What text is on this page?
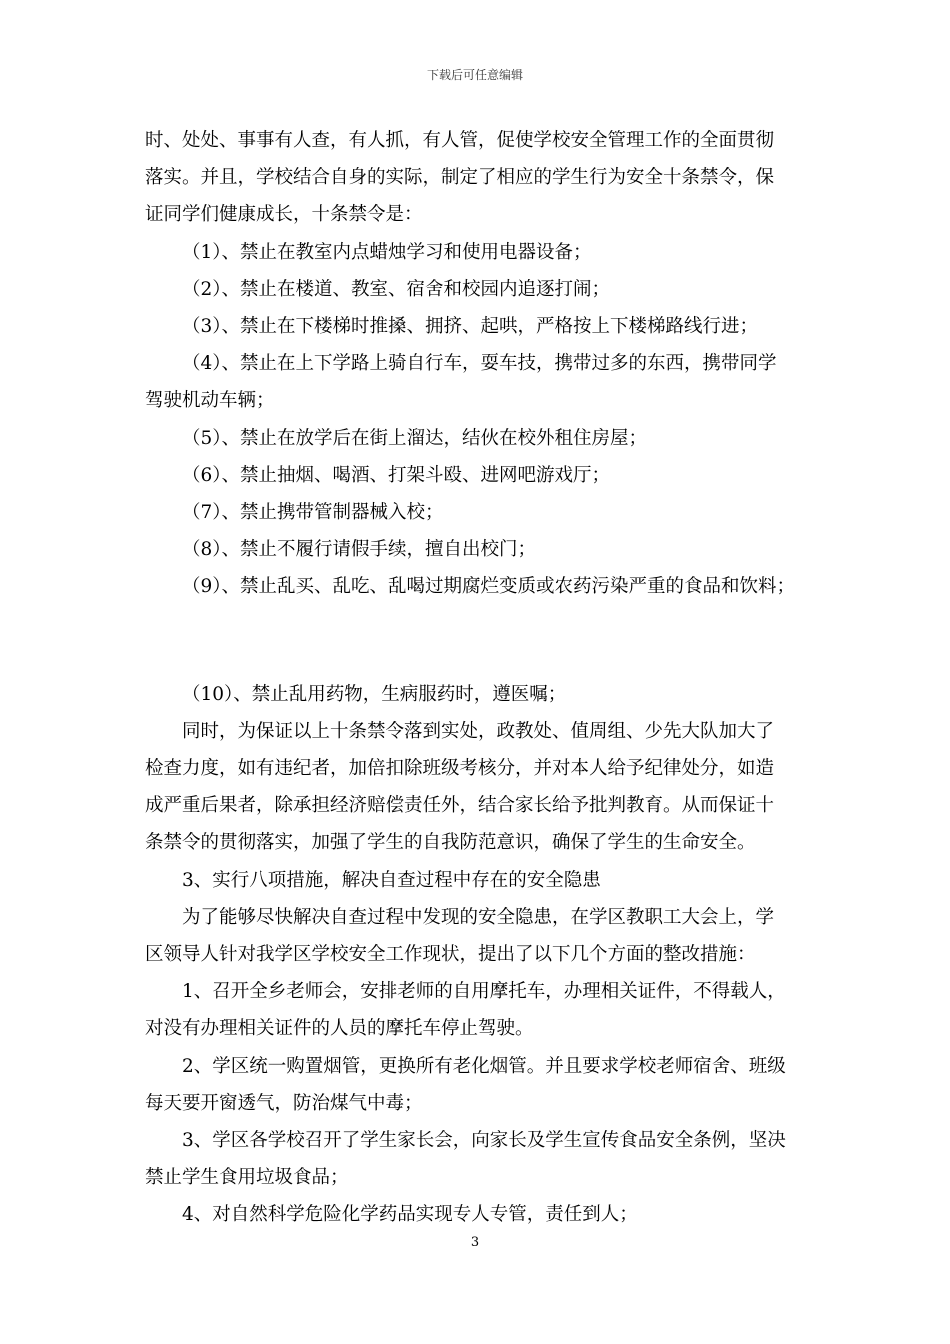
下载后可任意编辑

时、处处、事事有人查，有人抓，有人管，促使学校安全管理工作的全面贯彻

落实。并且，学校结合自身的实际，制定了相应的学生行为安全十条禁令，保

证同学们健康成长，十条禁令是：

（1）、禁止在教室内点蜡烛学习和使用电器设备；

（2）、禁止在楼道、教室、宿舍和校园内追逐打闹；

（3）、禁止在下楼梯时推搡、拥挤、起哄，严格按上下楼梯路线行进；

（4）、禁止在上下学路上骑自行车，耍车技，携带过多的东西，携带同学

驾驶机动车辆；

（5）、禁止在放学后在街上溜达，结伙在校外租住房屋；

（6）、禁止抽烟、喝酒、打架斗殴、进网吧游戏厅；

（7）、禁止携带管制器械入校；

（8）、禁止不履行请假手续，擅自出校门；

（9）、禁止乱买、乱吃、乱喝过期腐烂变质或农药污染严重的食品和饮料；

（10）、禁止乱用药物，生病服药时，遵医嘱；

同时，为保证以上十条禁令落到实处，政教处、值周组、少先大队加大了

检查力度，如有违纪者，加倍扣除班级考核分，并对本人给予纪律处分，如造

成严重后果者，除承担经济赔偿责任外，结合家长给予批判教育。从而保证十

条禁令的贯彻落实，加强了学生的自我防范意识，确保了学生的生命安全。

3、实行八项措施，解决自查过程中存在的安全隐患

为了能够尽快解决自查过程中发现的安全隐患，在学区教职工大会上，学

区领导人针对我学区学校安全工作现状，提出了以下几个方面的整改措施：

1、召开全乡老师会，安排老师的自用摩托车，办理相关证件，不得载人，

对没有办理相关证件的人员的摩托车停止驾驶。

2、学区统一购置烟管，更换所有老化烟管。并且要求学校老师宿舍、班级

每天要开窗透气，防治煤气中毒；

3、学区各学校召开了学生家长会，向家长及学生宣传食品安全条例，坚决

禁止学生食用垃圾食品；

4、对自然科学危险化学药品实现专人专管，责任到人；

3
